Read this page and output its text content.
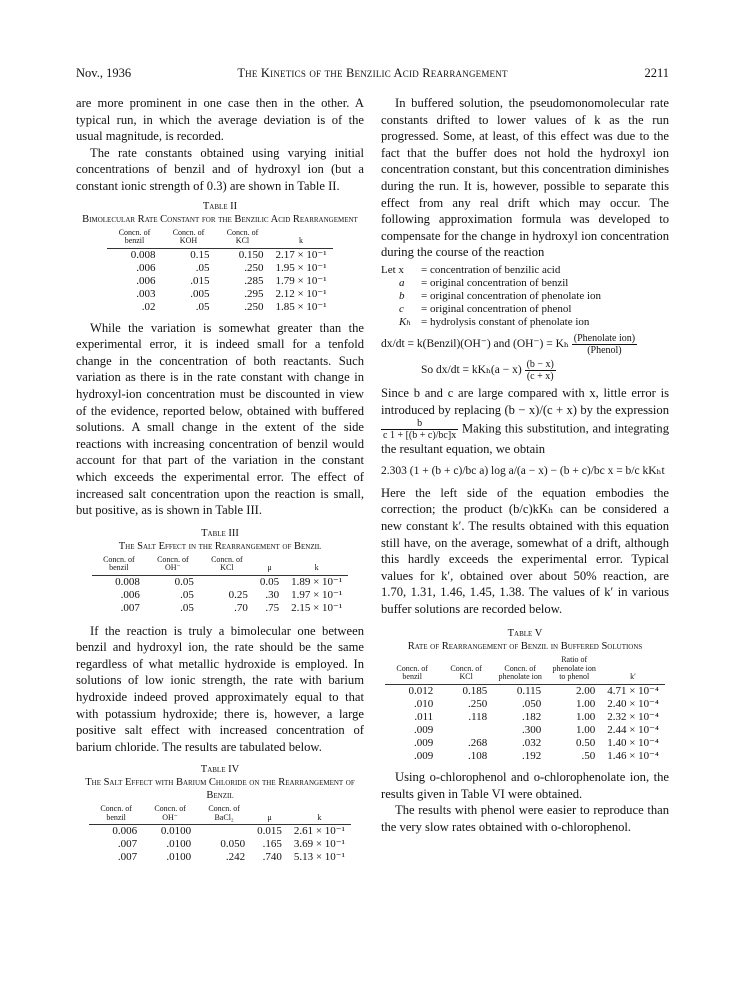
Nov., 1936	The Kinetics of the Benzilic Acid Rearrangement	2211

are more prominent in one case then in the other. A typical run, in which the average deviation is of the usual magnitude, is recorded.

The rate constants obtained using varying initial concentrations of benzil and of hydroxyl ion (but a constant ionic strength of 0.3) are shown in Table II.

Table II
Bimolecular Rate Constant for the Benzilic Acid Rearrangement
Concn. of benzil	Concn. of KOH	Concn. of KCl	k
0.008	0.15	0.150	2.17 × 10⁻¹
.006	.05	.250	1.95 × 10⁻¹
.006	.015	.285	1.79 × 10⁻¹
.003	.005	.295	2.12 × 10⁻¹
.02	.05	.250	1.85 × 10⁻¹

While the variation is somewhat greater than the experimental error, it is indeed small for a tenfold change in the concentration of both reactants. Such variation as there is in the rate constant with change in hydroxyl-ion concentration must be discounted in view of the evidence, reported below, obtained with buffered solutions. A small change in the extent of the side reactions with increasing concentration of benzil would account for that part of the variation in the constant which exceeds the experimental error. The effect of increased salt concentration upon the reaction is small, but positive, as is shown in Table III.

Table III
The Salt Effect in the Rearrangement of Benzil
Concn. of benzil	Concn. of OH⁻	Concn. of KCl	μ	k
0.008	0.05		0.05	1.89 × 10⁻¹
.006	.05	0.25	.30	1.97 × 10⁻¹
.007	.05	.70	.75	2.15 × 10⁻¹

If the reaction is truly a bimolecular one between benzil and hydroxyl ion, the rate should be the same regardless of what metallic hydroxide is employed. In solutions of low ionic strength, the rate with barium hydroxide indeed proved approximately equal to that with potassium hydroxide; there is, however, a large positive salt effect with increased concentration of barium chloride. The results are tabulated below.

Table IV
The Salt Effect with Barium Chloride on the Rearrangement of Benzil
Concn. of benzil	Concn. of OH⁻	Concn. of BaCl₂	μ	k
0.006	0.0100		0.015	2.61 × 10⁻¹
.007	.0100	0.050	.165	3.69 × 10⁻¹
.007	.0100	.242	.740	5.13 × 10⁻¹

In buffered solution, the pseudomonomolecular rate constants drifted to lower values of k as the run progressed. Some, at least, of this effect was due to the fact that the buffer does not hold the hydroxyl ion concentration constant, but this concentration diminishes during the run. It is, however, possible to separate this effect from any real drift which may occur. The following approximation formula was developed to compensate for the change in hydroxyl ion concentration during the course of the reaction

Let x	= concentration of benzilic acid
a	= original concentration of benzil
b	= original concentration of phenolate ion
c	= original concentration of phenol
Kₕ = hydrolysis constant of phenolate ion
dx/dt = k(Benzil)(OH⁻) and (OH⁻) = Kₕ $\frac{\text{(Phenolate ion)}}{\text{(Phenol)}}$
So $dx/dt = kK_h(a - x) \frac{(b - x)}{(c + x)}$

Since b and c are large compared with x, little error is introduced by replacing (b − x)/(c + x) by the expression
$\frac{b}{c 1 + [(b + c)/bc]x}$ Making this substitution, and integrating the resultant equation, we obtain

2.303 (1 + (b + c)/bc a) log a/(a − x) − (b + c)/bc x = b/c kKₕt

Here the left side of the equation embodies the correction; the product (b/c)kKₕ can be considered a new constant k′. The results obtained with this equation still have, on the average, somewhat of a drift, although this hardly exceeds the experimental error. Typical values for k′, obtained over about 50% reaction, are 1.70, 1.31, 1.46, 1.45, 1.38. The values of k′ in various buffer solutions are recorded below.

Table V
Rate of Rearrangement of Benzil in Buffered Solutions
Concn. of benzil	Concn. of KCl	Concn. of phenolate ion	Ratio of phenolate ion to phenol	k′
0.012	0.185	0.115	2.00	4.71 × 10⁻⁴
.010	.250	.050	1.00	2.40 × 10⁻⁴
.011	.118	.182	1.00	2.32 × 10⁻⁴
.009		.300	1.00	2.44 × 10⁻⁴
.009	.268	.032	0.50	1.40 × 10⁻⁴
.009	.108	.192	.50	1.46 × 10⁻⁴

Using o-chlorophenol and o-chlorophenolate ion, the results given in Table VI were obtained.

The results with phenol were easier to reproduce than the very slow rates obtained with o-chlorophenol.
